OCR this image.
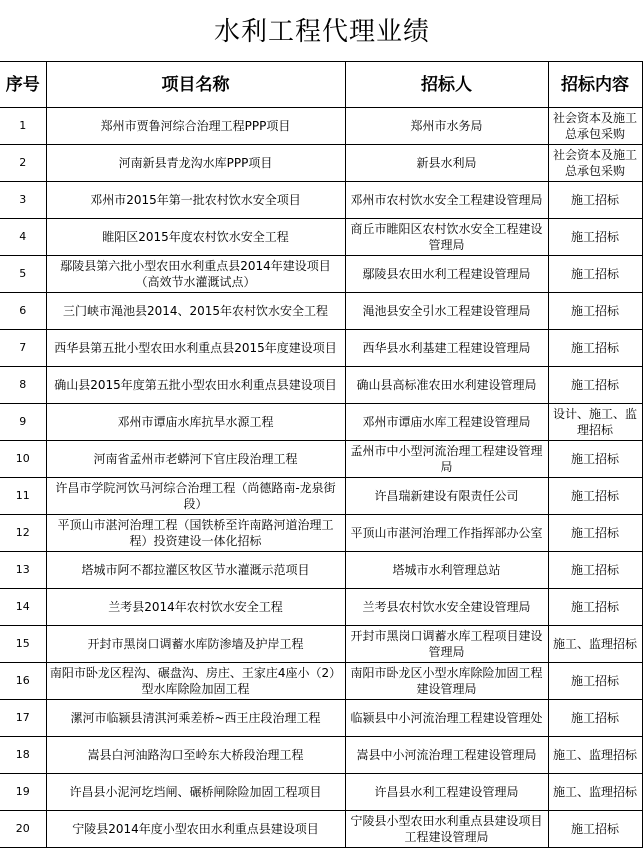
水利工程代理业绩
序号	项目名称	招标人	招标内容
1	郑州市贾鲁河综合治理工程PPP项目	郑州市水务局	社会资本及施工总承包采购
2	河南新县青龙沟水库PPP项目	新县水利局	社会资本及施工总承包采购
3	邓州市2015年第一批农村饮水安全项目	邓州市农村饮水安全工程建设管理局	施工招标
4	睢阳区2015年度农村饮水安全工程	商丘市睢阳区农村饮水安全工程建设管理局	施工招标
5	鄢陵县第六批小型农田水利重点县2014年建设项目（高效节水灌溉试点）	鄢陵县农田水利工程建设管理局	施工招标
6	三门峡市渑池县2014、2015年农村饮水安全工程	渑池县安全引水工程建设管理局	施工招标
7	西华县第五批小型农田水利重点县2015年度建设项目	西华县水利基建工程建设管理局	施工招标
8	确山县2015年度第五批小型农田水利重点县建设项目	确山县高标准农田水利建设管理局	施工招标
9	邓州市谭庙水库抗旱水源工程	邓州市谭庙水库工程建设管理局	设计、施工、监理招标
10	河南省孟州市老蟒河下官庄段治理工程	孟州市中小型河流治理工程建设管理局	施工招标
11	许昌市学院河饮马河综合治理工程（尚德路南-龙泉街段）	许昌瑞新建设有限责任公司	施工招标
12	平顶山市湛河治理工程（国铁桥至许南路河道治理工程）投资建设一体化招标	平顶山市湛河治理工作指挥部办公室	施工招标
13	塔城市阿不都拉灌区牧区节水灌溉示范项目	塔城市水利管理总站	施工招标
14	兰考县2014年农村饮水安全工程	兰考县农村饮水安全建设管理局	施工招标
15	开封市黑岗口调蓄水库防渗墙及护岸工程	开封市黑岗口调蓄水库工程项目建设管理局	施工、监理招标
16	南阳市卧龙区程沟、碾盘沟、房庄、王家庄4座小（2）型水库除险加固工程	南阳市卧龙区小型水库除险加固工程建设管理局	施工招标
17	漯河市临颍县清淇河乘差桥~西王庄段治理工程	临颍县中小河流治理工程建设管理处	施工招标
18	嵩县白河油路沟口至岭东大桥段治理工程	嵩县中小河流治理工程建设管理局	施工、监理招标
19	许昌县小泥河圪垱闸、碾桥闸除险加固工程项目	许昌县水利工程建设管理局	施工、监理招标
20	宁陵县2014年度小型农田水利重点县建设项目	宁陵县小型农田水利重点县建设项目工程建设管理局	施工招标
